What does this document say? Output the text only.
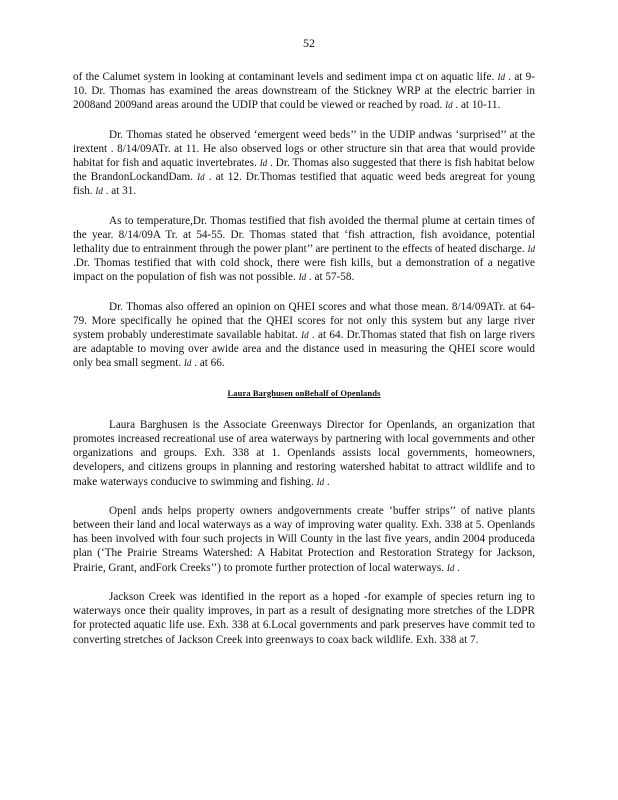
52

of the Calumet system in looking at contaminant levels and sediment impa ct on aquatic life. Id . at 9-10. Dr. Thomas has examined the areas downstream of the Stickney WRP at the electric barrier in 2008and 2009and areas around the UDIP that could be viewed or reached by road. Id . at 10-11.

Dr. Thomas stated he observed ‘emergent weed beds’’ in the UDIP andwas ‘surprised’’ at the irextent . 8/14/09ATr. at 11. He also observed logs or other structure sin that area that would provide habitat for fish and aquatic invertebrates. Id . Dr. Thomas also suggested that there is fish habitat below the BrandonLockandDam. Id . at 12. Dr.Thomas testified that aquatic weed beds aregreat for young fish. Id . at 31.

As to temperature,Dr. Thomas testified that fish avoided the thermal plume at certain times of the year. 8/14/09A Tr. at 54-55. Dr. Thomas stated that ‘fish attraction, fish avoidance, potential lethality due to entrainment through the power plant’’ are pertinent to the effects of heated discharge. Id .Dr. Thomas testified that with cold shock, there were fish kills, but a demonstration of a negative impact on the population of fish was not possible. Id . at 57-58.

Dr. Thomas also offered an opinion on QHEI scores and what those mean. 8/14/09ATr. at 64-79. More specifically he opined that the QHEI scores for not only this system but any large river system probably underestimate savailable habitat. Id . at 64. Dr.Thomas stated that fish on large rivers are adaptable to moving over awide area and the distance used in measuring the QHEI score would only bea small segment. Id . at 66.

Laura Barghusen onBehalf of Openlands

Laura Barghusen is the Associate Greenways Director for Openlands, an organization that promotes increased recreational use of area waterways by partnering with local governments and other organizations and groups. Exh. 338 at 1. Openlands assists local governments, homeowners, developers, and citizens groups in planning and restoring watershed habitat to attract wildlife and to make waterways conducive to swimming and fishing. Id .

Openl ands helps property owners andgovernments create ‘buffer strips’’ of native plants between their land and local waterways as a way of improving water quality. Exh. 338 at 5. Openlands has been involved with four such projects in Will County in the last five years, andin 2004 produceda plan (‘The Prairie Streams Watershed: A Habitat Protection and Restoration Strategy for Jackson, Prairie, Grant, andFork Creeks’’) to promote further protection of local waterways. Id .

Jackson Creek was identified in the report as a hoped -for example of species return ing to waterways once their quality improves, in part as a result of designating more stretches of the LDPR for protected aquatic life use. Exh. 338 at 6.Local governments and park preserves have commit ted to converting stretches of Jackson Creek into greenways to coax back wildlife. Exh. 338 at 7.
